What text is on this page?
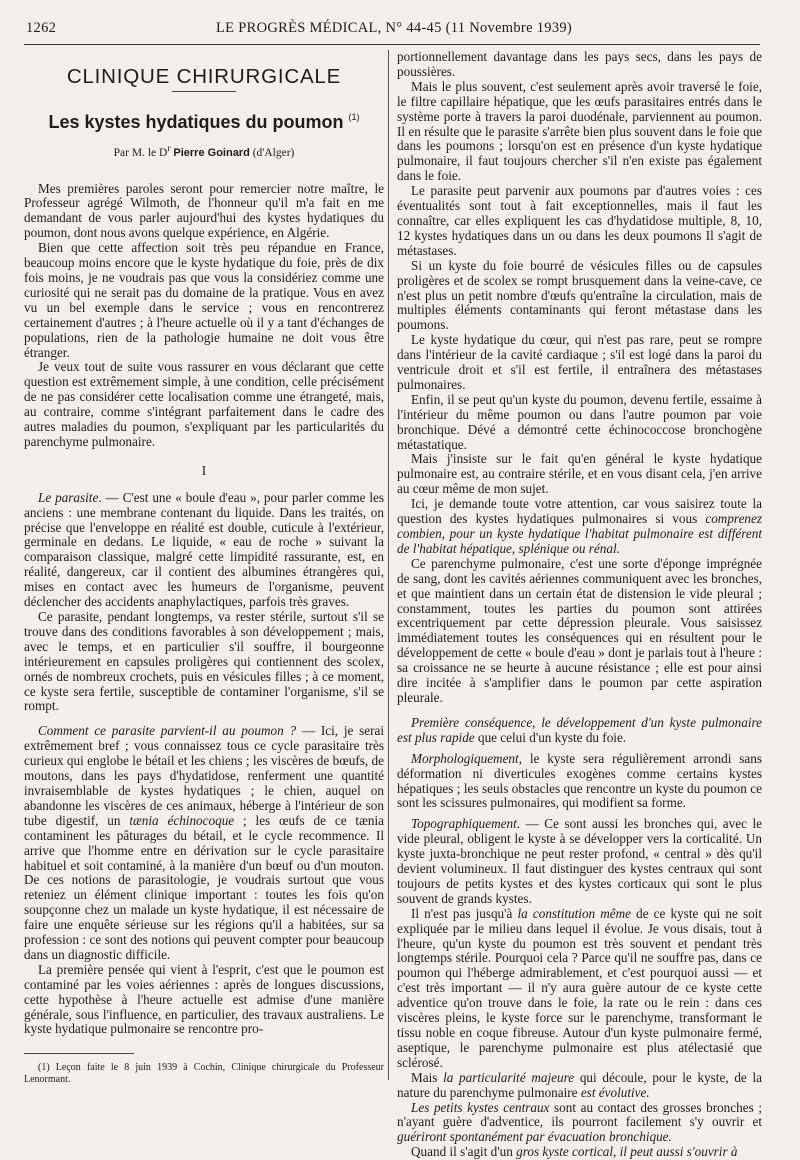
1262	LE PROGRÈS MÉDICAL, N° 44-45 (11 Novembre 1939)
CLINIQUE CHIRURGICALE
Les kystes hydatiques du poumon $^{(1)}$
Par M. le $D^r$ Pierre Goinard (d'Alger)

Mes premières paroles seront pour remercier notre maître, le Professeur agrégé Wilmoth, de l'honneur qu'il m'a fait en me demandant de vous parler aujourd'hui des kystes hydatiques du poumon, dont nous avons quelque expérience, en Algérie.

Bien que cette affection soit très peu répandue en France, beaucoup moins encore que le kyste hydatique du foie, près de dix fois moins, je ne voudrais pas que vous la considériez comme une curiosité qui ne serait pas du domaine de la pratique. Vous en avez vu un bel exemple dans le service ; vous en rencontrerez certainement d'autres ; à l'heure actuelle où il y a tant d'échanges de populations, rien de la pathologie humaine ne doit vous être étranger.

Je veux tout de suite vous rassurer en vous déclarant que cette question est extrêmement simple, à une condition, celle précisément de ne pas considérer cette localisation comme une étrangeté, mais, au contraire, comme s'intégrant parfaitement dans le cadre des autres maladies du poumon, s'expliquant par les particularités du parenchyme pulmonaire.

I

Le parasite. — C'est une « boule d'eau », pour parler comme les anciens : une membrane contenant du liquide. Dans les traités, on précise que l'enveloppe en réalité est double, cuticule à l'extérieur, germinale en dedans. Le liquide, « eau de roche » suivant la comparaison classique, malgré cette limpidité rassurante, est, en réalité, dangereux, car il contient des albumines étrangères qui, mises en contact avec les humeurs de l'organisme, peuvent déclencher des accidents anaphylactiques, parfois très graves.

Ce parasite, pendant longtemps, va rester stérile, surtout s'il se trouve dans des conditions favorables à son développement ; mais, avec le temps, et en particulier s'il souffre, il bourgeonne intérieurement en capsules proligères qui contiennent des scolex, ornés de nombreux crochets, puis en vésicules filles ; à ce moment, ce kyste sera fertile, susceptible de contaminer l'organisme, s'il se rompt.

Comment ce parasite parvient-il au poumon ? — Ici, je serai extrêmement bref ; vous connaissez tous ce cycle parasitaire très curieux qui englobe le bétail et les chiens ; les viscères de bœufs, de moutons, dans les pays d'hydatidose, renferment une quantité invraisemblable de kystes hydatiques ; le chien, auquel on abandonne les viscères de ces animaux, héberge à l'intérieur de son tube digestif, un tænia échinocoque ; les œufs de ce tænia contaminent les pâturages du bétail, et le cycle recommence. Il arrive que l'homme entre en dérivation sur le cycle parasitaire habituel et soit contaminé, à la manière d'un bœuf ou d'un mouton. De ces notions de parasitologie, je voudrais surtout que vous reteniez un élément clinique important : toutes les fois qu'on soupçonne chez un malade un kyste hydatique, il est nécessaire de faire une enquête sérieuse sur les régions qu'il a habitées, sur sa profession : ce sont des notions qui peuvent compter pour beaucoup dans un diagnostic difficile.

La première pensée qui vient à l'esprit, c'est que le poumon est contaminé par les voies aériennes : après de longues discussions, cette hypothèse à l'heure actuelle est admise d'une manière générale, sous l'influence, en particulier, des travaux australiens. Le kyste hydatique pulmonaire se rencontre pro-

(1) Leçon faite le 8 juin 1939 à Cochin, Clinique chirurgicale du Professeur Lenormant.

portionnellement davantage dans les pays secs, dans les pays de poussières.

Mais le plus souvent, c'est seulement après avoir traversé le foie, le filtre capillaire hépatique, que les œufs parasitaires entrés dans le système porte à travers la paroi duodénale, parviennent au poumon. Il en résulte que le parasite s'arrête bien plus souvent dans le foie que dans les poumons ; lorsqu'on est en présence d'un kyste hydatique pulmonaire, il faut toujours chercher s'il n'en existe pas également dans le foie.

Le parasite peut parvenir aux poumons par d'autres voies : ces éventualités sont tout à fait exceptionnelles, mais il faut les connaître, car elles expliquent les cas d'hydatidose multiple, 8, 10, 12 kystes hydatiques dans un ou dans les deux poumons Il s'agit de métastases.

Si un kyste du foie bourré de vésicules filles ou de capsules proligères et de scolex se rompt brusquement dans la veine-cave, ce n'est plus un petit nombre d'œufs qu'entraîne la circulation, mais de multiples éléments contaminants qui feront métastase dans les poumons.

Le kyste hydatique du cœur, qui n'est pas rare, peut se rompre dans l'intérieur de la cavité cardiaque ; s'il est logé dans la paroi du ventricule droit et s'il est fertile, il entraînera des métastases pulmonaires.

Enfin, il se peut qu'un kyste du poumon, devenu fertile, essaime à l'intérieur du même poumon ou dans l'autre poumon par voie bronchique. Dévé a démontré cette échinococcose bronchogène métastatique.

Mais j'insiste sur le fait qu'en général le kyste hydatique pulmonaire est, au contraire stérile, et en vous disant cela, j'en arrive au cœur même de mon sujet.

Ici, je demande toute votre attention, car vous saisirez toute la question des kystes hydatiques pulmonaires si vous comprenez combien, pour un kyste hydatique l'habitat pulmonaire est différent de l'habitat hépatique, splénique ou rénal.

Ce parenchyme pulmonaire, c'est une sorte d'éponge imprégnée de sang, dont les cavités aériennes communiquent avec les bronches, et que maintient dans un certain état de distension le vide pleural ; constamment, toutes les parties du poumon sont attirées excentriquement par cette dépression pleurale. Vous saisissez immédiatement toutes les conséquences qui en résultent pour le développement de cette « boule d'eau » dont je parlais tout à l'heure : sa croissance ne se heurte à aucune résistance ; elle est pour ainsi dire incitée à s'amplifier dans le poumon par cette aspiration pleurale.

Première conséquence, le développement d'un kyste pulmonaire est plus rapide que celui d'un kyste du foie.

Morphologiquement, le kyste sera régulièrement arrondi sans déformation ni diverticules exogènes comme certains kystes hépatiques ; les seuls obstacles que rencontre un kyste du poumon ce sont les scissures pulmonaires, qui modifient sa forme.

Topographiquement. — Ce sont aussi les bronches qui, avec le vide pleural, obligent le kyste à se développer vers la corticalité. Un kyste juxta-bronchique ne peut rester profond, « central » dès qu'il devient volumineux. Il faut distinguer des kystes centraux qui sont toujours de petits kystes et des kystes corticaux qui sont le plus souvent de grands kystes.

Il n'est pas jusqu'à la constitution même de ce kyste qui ne soit expliquée par le milieu dans lequel il évolue. Je vous disais, tout à l'heure, qu'un kyste du poumon est très souvent et pendant très longtemps stérile. Pourquoi cela ? Parce qu'il ne souffre pas, dans ce poumon qui l'héberge admirablement, et c'est pourquoi aussi — et c'est très important — il n'y aura guère autour de ce kyste cette adventice qu'on trouve dans le foie, la rate ou le rein : dans ces viscères pleins, le kyste force sur le parenchyme, transformant le tissu noble en coque fibreuse. Autour d'un kyste pulmonaire fermé, aseptique, le parenchyme pulmonaire est plus atélectasié que sclérosé.

Mais la particularité majeure qui découle, pour le kyste, de la nature du parenchyme pulmonaire est évolutive.

Les petits kystes centraux sont au contact des grosses bronches ; n'ayant guère d'adventice, ils pourront facilement s'y ouvrir et guériront spontanément par évacuation bronchique.

Quand il s'agit d'un gros kyste cortical, il peut aussi s'ouvrir à
